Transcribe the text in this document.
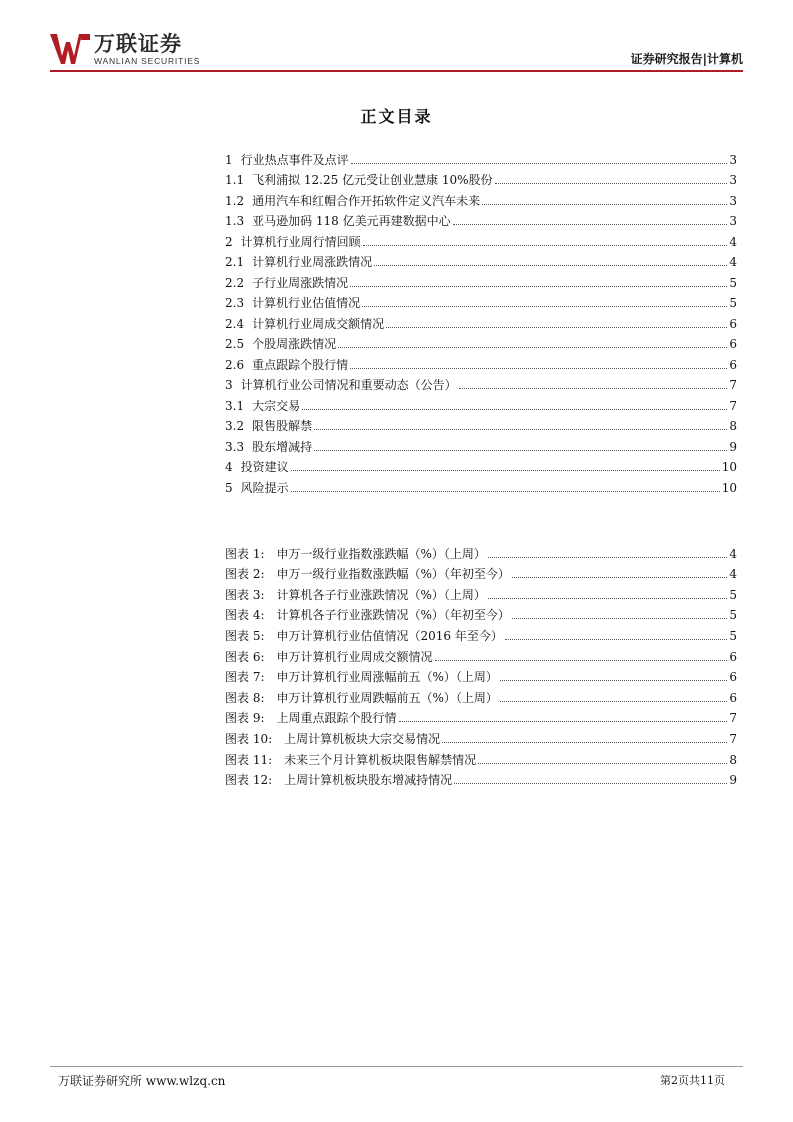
万联证券
WANLIAN SECURITIES	证券研究报告|计算机
正文目录
1 行业热点事件及点评	3
1.1 飞利浦拟 12.25 亿元受让创业慧康 10%股份	3
1.2 通用汽车和红帽合作开拓软件定义汽车未来	3
1.3 亚马逊加码 118 亿美元再建数据中心	3
2 计算机行业周行情回顾	4
2.1 计算机行业周涨跌情况	4
2.2 子行业周涨跌情况	5
2.3 计算机行业估值情况	5
2.4 计算机行业周成交额情况	6
2.5 个股周涨跌情况	6
2.6 重点跟踪个股行情	6
3 计算机行业公司情况和重要动态（公告）	7
3.1 大宗交易	7
3.2 限售股解禁	8
3.3 股东增减持	9
4 投资建议	10
5 风险提示	10
图表 1: 申万一级行业指数涨跌幅（%）（上周）	4
图表 2: 申万一级行业指数涨跌幅（%）（年初至今）	4
图表 3: 计算机各子行业涨跌情况（%）（上周）	5
图表 4: 计算机各子行业涨跌情况（%）（年初至今）	5
图表 5: 申万计算机行业估值情况（2016 年至今）	5
图表 6: 申万计算机行业周成交额情况	6
图表 7: 申万计算机行业周涨幅前五（%）（上周）	6
图表 8: 申万计算机行业周跌幅前五（%）（上周）	6
图表 9: 上周重点跟踪个股行情	7
图表 10: 上周计算机板块大宗交易情况	7
图表 11: 未来三个月计算机板块限售解禁情况	8
图表 12: 上周计算机板块股东增减持情况	9
万联证券研究所 www.wlzq.cn	第2页共11页
